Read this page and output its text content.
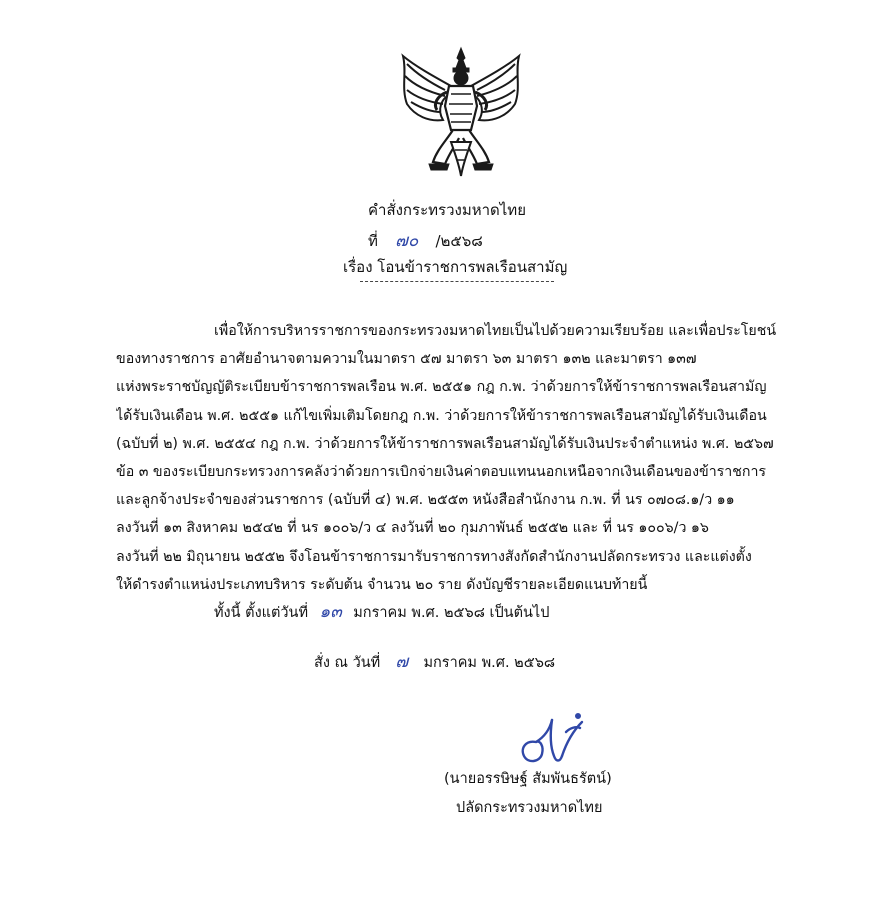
คำสั่งกระทรวงมหาดไทย
ที่ ๗๐ /๒๕๖๘
เรื่อง โอนข้าราชการพลเรือนสามัญ
เพื่อให้การบริหารราชการของกระทรวงมหาดไทยเป็นไปด้วยความเรียบร้อย และเพื่อประโยชน์
ของทางราชการ อาศัยอำนาจตามความในมาตรา ๕๗ มาตรา ๖๓ มาตรา ๑๓๒ และมาตรา ๑๓๗
แห่งพระราชบัญญัติระเบียบข้าราชการพลเรือน พ.ศ. ๒๕๕๑ กฎ ก.พ. ว่าด้วยการให้ข้าราชการพลเรือนสามัญ
ได้รับเงินเดือน พ.ศ. ๒๕๕๑ แก้ไขเพิ่มเติมโดยกฎ ก.พ. ว่าด้วยการให้ข้าราชการพลเรือนสามัญได้รับเงินเดือน
(ฉบับที่ ๒) พ.ศ. ๒๕๕๔ กฎ ก.พ. ว่าด้วยการให้ข้าราชการพลเรือนสามัญได้รับเงินประจำตำแหน่ง พ.ศ. ๒๕๖๗
ข้อ ๓ ของระเบียบกระทรวงการคลังว่าด้วยการเบิกจ่ายเงินค่าตอบแทนนอกเหนือจากเงินเดือนของข้าราชการ
และลูกจ้างประจำของส่วนราชการ (ฉบับที่ ๔) พ.ศ. ๒๕๕๓ หนังสือสำนักงาน ก.พ. ที่ นร ๐๗๐๘.๑/ว ๑๑
ลงวันที่ ๑๓ สิงหาคม ๒๕๔๒ ที่ นร ๑๐๐๖/ว ๔ ลงวันที่ ๒๐ กุมภาพันธ์ ๒๕๕๒ และ ที่ นร ๑๐๐๖/ว ๑๖
ลงวันที่ ๒๒ มิถุนายน ๒๕๕๒ จึงโอนข้าราชการมารับราชการทางสังกัดสำนักงานปลัดกระทรวง และแต่งตั้ง
ให้ดำรงตำแหน่งประเภทบริหาร ระดับต้น จำนวน ๒๐ ราย ดังบัญชีรายละเอียดแนบท้ายนี้
ทั้งนี้ ตั้งแต่วันที่ ๑๓ มกราคม พ.ศ. ๒๕๖๘ เป็นต้นไป
สั่ง ณ วันที่ ๗ มกราคม พ.ศ. ๒๕๖๘
(นายอรรษิษฐ์ สัมพันธรัตน์)
ปลัดกระทรวงมหาดไทย
